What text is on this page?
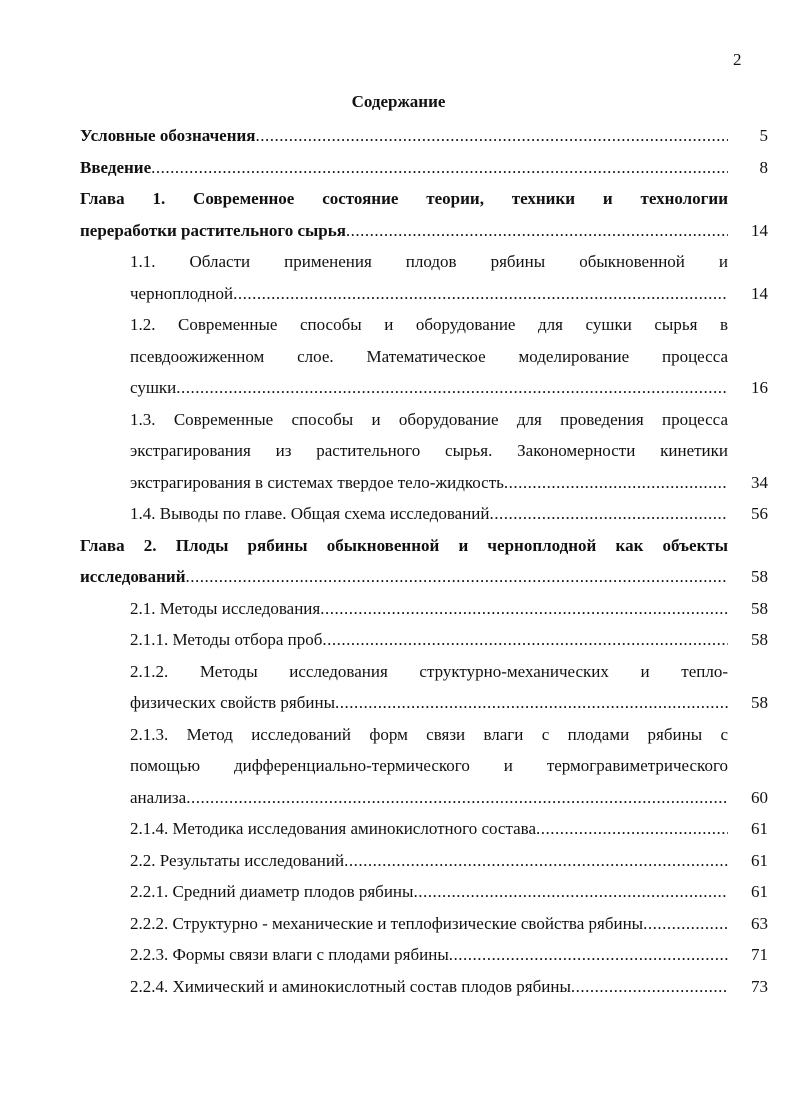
2
Содержание
Условные обозначения .....	5
Введение .....	8
Глава 1. Современное состояние теории, техники и технологии
переработки растительного сырья .....	14
1.1. Области применения плодов рябины обыкновенной и
черноплодной .....	14
1.2. Современные способы и оборудование для сушки сырья в
псевдоожиженном слое. Математическое моделирование процесса
сушки .....	16
1.3. Современные способы и оборудование для проведения процесса
экстрагирования из растительного сырья. Закономерности кинетики
экстрагирования в системах твердое тело-жидкость .....	34
1.4. Выводы по главе. Общая схема исследований .....	56
Глава 2. Плоды рябины обыкновенной и черноплодной как объекты
исследований .....	58
2.1. Методы исследования .....	58
2.1.1. Методы отбора проб .....	58
2.1.2. Методы исследования структурно-механических и тепло-
физических свойств рябины .....	58
2.1.3. Метод исследований форм связи влаги с плодами рябины с
помощью дифференциально-термического и термогравиметрического
анализа .....	60
2.1.4. Методика исследования аминокислотного состава .....	61
2.2. Результаты исследований .....	61
2.2.1. Средний диаметр плодов рябины .....	61
2.2.2. Структурно - механические и теплофизические свойства рябины .....	63
2.2.3. Формы связи влаги с плодами рябины .....	71
2.2.4. Химический и аминокислотный состав плодов рябины .....	73
